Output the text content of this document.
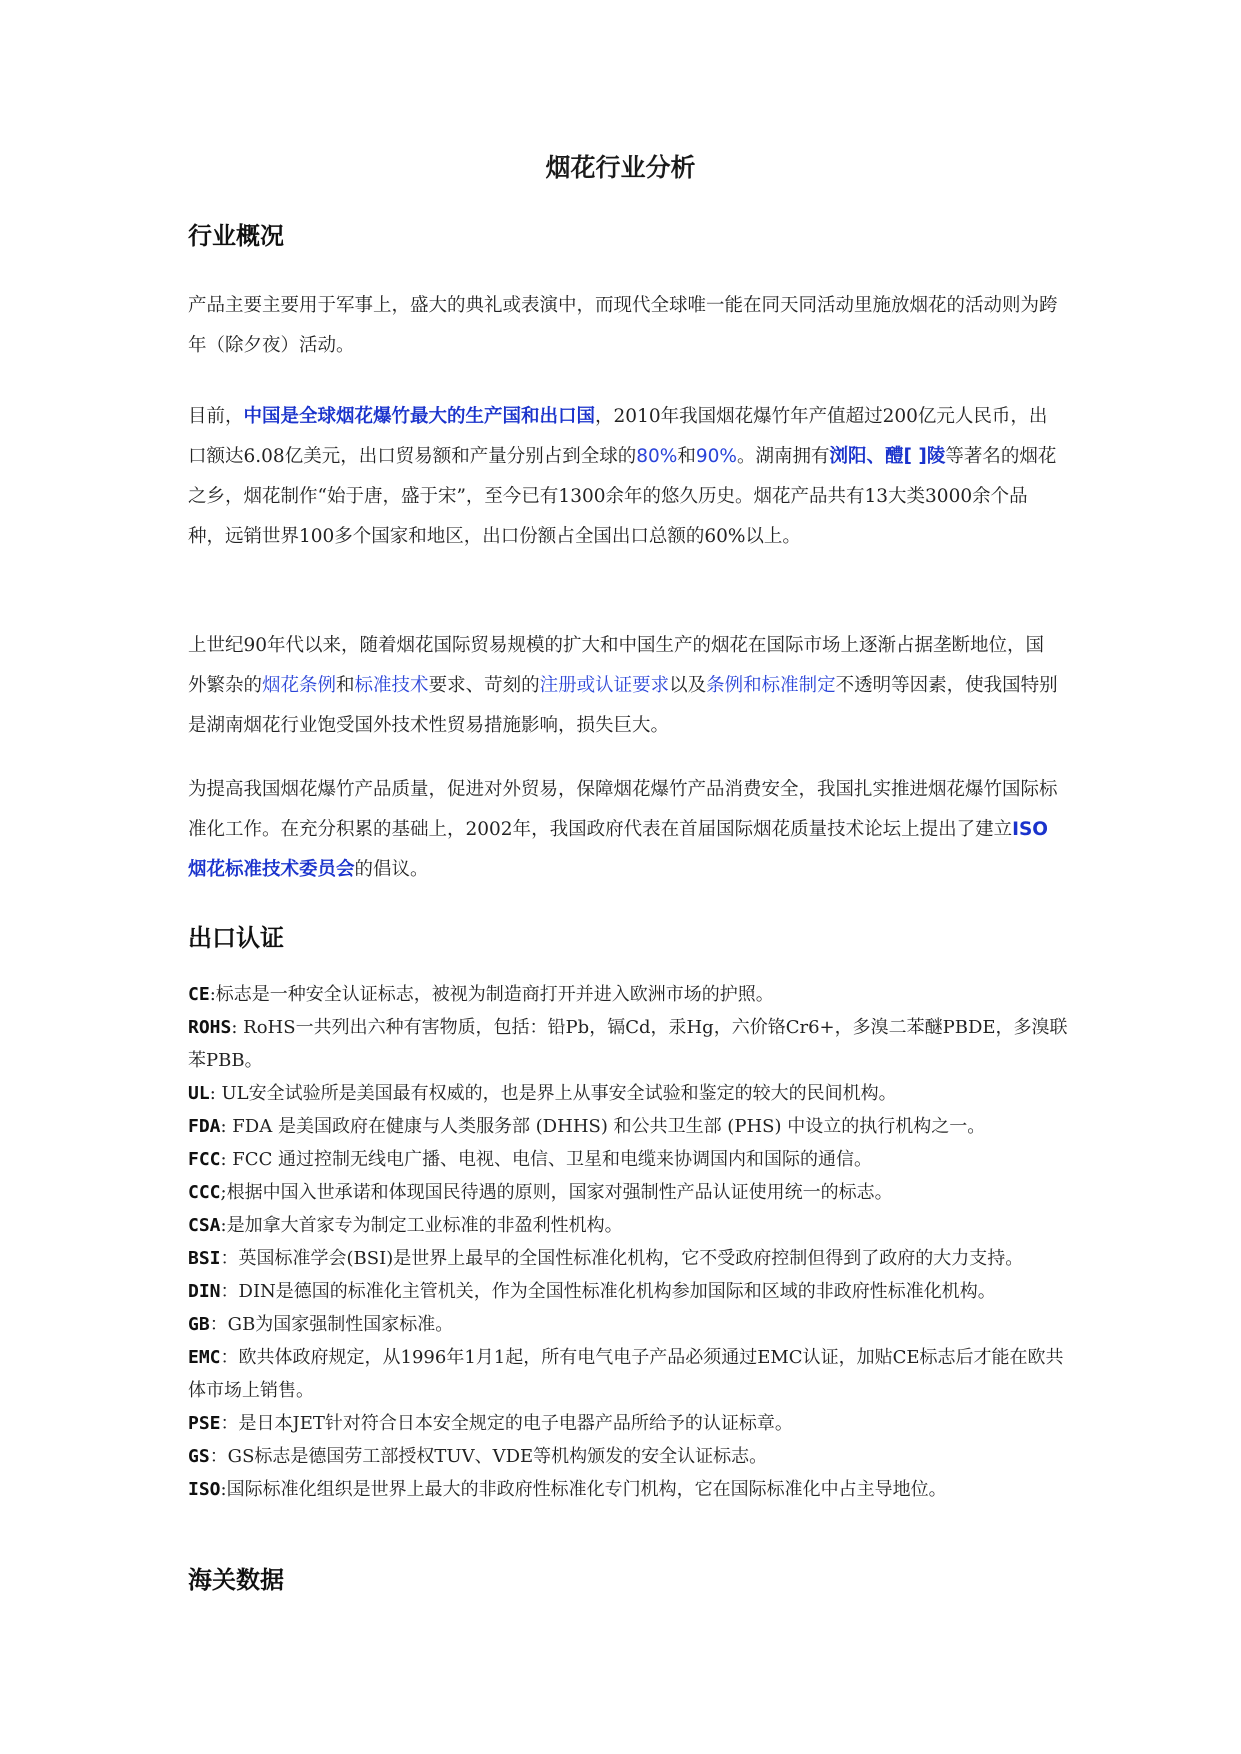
烟花行业分析
行业概况

产品主要主要用于军事上，盛大的典礼或表演中，而现代全球唯一能在同天同活动里施放烟花的活动则为跨年（除夕夜）活动。

目前，中国是全球烟花爆竹最大的生产国和出口国，2010年我国烟花爆竹年产值超过200亿元人民币，出口额达6.08亿美元，出口贸易额和产量分别占到全球的80%和90%。湖南拥有浏阳、醴[ ]陵等著名的烟花之乡，烟花制作“始于唐，盛于宋”，至今已有1300余年的悠久历史。烟花产品共有13大类3000余个品种，远销世界100多个国家和地区，出口份额占全国出口总额的60%以上。

上世纪90年代以来，随着烟花国际贸易规模的扩大和中国生产的烟花在国际市场上逐渐占据垄断地位，国外繁杂的烟花条例和标准技术要求、苛刻的注册或认证要求以及条例和标准制定不透明等因素，使我国特别是湖南烟花行业饱受国外技术性贸易措施影响，损失巨大。

为提高我国烟花爆竹产品质量，促进对外贸易，保障烟花爆竹产品消费安全，我国扎实推进烟花爆竹国际标准化工作。在充分积累的基础上，2002年，我国政府代表在首届国际烟花质量技术论坛上提出了建立ISO烟花标准技术委员会的倡议。

出口认证
CE:标志是一种安全认证标志，被视为制造商打开并进入欧洲市场的护照。
ROHS: RoHS一共列出六种有害物质，包括：铅Pb，镉Cd，汞Hg，六价铬Cr6+，多溴二苯醚PBDE，多溴联苯PBB。
UL: UL安全试验所是美国最有权威的，也是界上从事安全试验和鉴定的较大的民间机构。
FDA: FDA 是美国政府在健康与人类服务部 (DHHS) 和公共卫生部 (PHS) 中设立的执行机构之一。
FCC: FCC 通过控制无线电广播、电视、电信、卫星和电缆来协调国内和国际的通信。
CCC;根据中国入世承诺和体现国民待遇的原则，国家对强制性产品认证使用统一的标志。
CSA:是加拿大首家专为制定工业标准的非盈利性机构。
BSI：英国标准学会(BSI)是世界上最早的全国性标准化机构，它不受政府控制但得到了政府的大力支持。
DIN：DIN是德国的标准化主管机关，作为全国性标准化机构参加国际和区域的非政府性标准化机构。
GB：GB为国家强制性国家标准。
EMC：欧共体政府规定，从1996年1月1起，所有电气电子产品必须通过EMC认证，加贴CE标志后才能在欧共体市场上销售。
PSE：是日本JET针对符合日本安全规定的电子电器产品所给予的认证标章。
GS：GS标志是德国劳工部授权TUV、VDE等机构颁发的安全认证标志。
ISO:国际标准化组织是世界上最大的非政府性标准化专门机构，它在国际标准化中占主导地位。
海关数据
